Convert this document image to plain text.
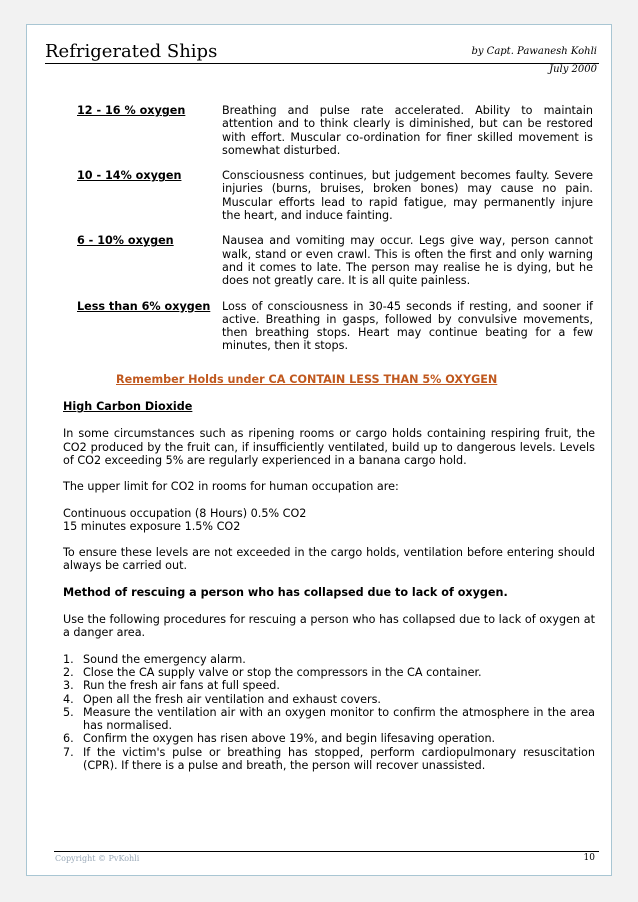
Refrigerated Ships	by Capt. Pawanesh Kohli
July 2000
12 - 16 % oxygen	Breathing and pulse rate accelerated. Ability to maintain attention and to think clearly is diminished, but can be restored with effort. Muscular co-ordination for finer skilled movement is somewhat disturbed.
10 - 14% oxygen	Consciousness continues, but judgement becomes faulty. Severe injuries (burns, bruises, broken bones) may cause no pain. Muscular efforts lead to rapid fatigue, may permanently injure the heart, and induce fainting.
6 - 10% oxygen	Nausea and vomiting may occur. Legs give way, person cannot walk, stand or even crawl. This is often the first and only warning and it comes to late. The person may realise he is dying, but he does not greatly care. It is all quite painless.
Less than 6% oxygen	Loss of consciousness in 30-45 seconds if resting, and sooner if active. Breathing in gasps, followed by convulsive movements, then breathing stops. Heart may continue beating for a few minutes, then it stops.
Remember Holds under CA CONTAIN LESS THAN 5% OXYGEN
High Carbon Dioxide

In some circumstances such as ripening rooms or cargo holds containing respiring fruit, the CO2 produced by the fruit can, if insufficiently ventilated, build up to dangerous levels. Levels of CO2 exceeding 5% are regularly experienced in a banana cargo hold.

The upper limit for CO2 in rooms for human occupation are:

Continuous occupation (8 Hours) 0.5% CO2
15 minutes exposure 1.5% CO2

To ensure these levels are not exceeded in the cargo holds, ventilation before entering should always be carried out.

Method of rescuing a person who has collapsed due to lack of oxygen.

Use the following procedures for rescuing a person who has collapsed due to lack of oxygen at a danger area.

1. Sound the emergency alarm.
2. Close the CA supply valve or stop the compressors in the CA container.
3. Run the fresh air fans at full speed.
4. Open all the fresh air ventilation and exhaust covers.
5. Measure the ventilation air with an oxygen monitor to confirm the atmosphere in the area has normalised.
6. Confirm the oxygen has risen above 19%, and begin lifesaving operation.
7. If the victim's pulse or breathing has stopped, perform cardiopulmonary resuscitation (CPR). If there is a pulse and breath, the person will recover unassisted.
Copyright © PvKohli	10
